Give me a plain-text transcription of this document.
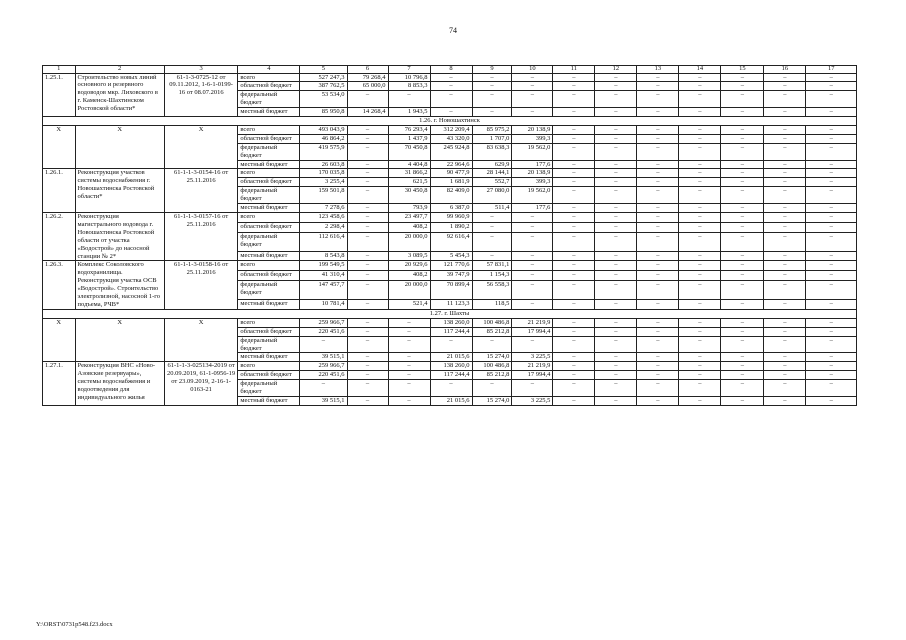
74
1	2	3	4	5	6	7	8	9	10	11	12	13	14	15	16	17
1.25.1.	Строительство новых линий основного и резервного водоводов мкр. Лиховского в г. Каменск-Шахтинском Ростовской области*	61-1-3-0725-12 от 09.11.2012, 1-6-1-0199-16 от 08.07.2016	всего	527 247,3	79 268,4	10 796,8	–	–	–	–	–	–	–	–	–	–
			областной бюджет	387 762,5	65 000,0	8 853,3	–	–	–	–	–	–	–	–	–	–
			федеральный бюджет	53 534,0	–	–	–	–	–	–	–	–	–	–	–	–
			местный бюджет	85 950,8	14 268,4	1 943,5	–	–	–	–	–	–	–	–	–	–
1.26. г. Новошахтинск																
Х	Х	Х	всего	493 043,9	–	76 293,4	312 209,4	85 975,2	20 138,9	–	–	–	–	–	–	–
			областной бюджет	46 864,2	–	1 437,9	43 320,0	1 707,0	399,3	–	–	–	–	–	–	–
			федеральный бюджет	419 575,9	–	70 450,8	245 924,8	83 638,3	19 562,0	–	–	–	–	–	–	–
			местный бюджет	26 603,8	–	4 404,8	22 964,6	629,9	177,6	–	–	–	–	–	–	–
1.26.1.	Реконструкция участков системы водоснабжения г. Новошахтинска Ростовской области*	61-1-1-3-0154-16 от 25.11.2016	всего	170 035,8	–	31 866,2	90 477,9	28 144,1	20 138,9	–	–	–	–	–	–	–
			областной бюджет	3 255,4	–	621,5	1 681,9	552,7	399,3	–	–	–	–	–	–	–
			федеральный бюджет	159 501,8	–	30 450,8	82 409,0	27 080,0	19 562,0	–	–	–	–	–	–	–
			местный бюджет	7 278,6	–	793,9	6 387,0	511,4	177,6	–	–	–	–	–	–	–
1.26.2.	Реконструкция магистрального водовода г. Новошахтинска Ростовской области от участка «Водострой» до насосной станции № 2*	61-1-1-3-0157-16 от 25.11.2016	всего	123 458,6	–	23 497,7	99 960,9	–	–	–	–	–	–	–	–	–
			областной бюджет	2 298,4	–	408,2	1 890,2	–	–	–	–	–	–	–	–	–
			федеральный бюджет	112 616,4	–	20 000,0	92 616,4	–	–	–	–	–	–	–	–	–
			местный бюджет	8 543,8	–	3 089,5	5 454,3	–	–	–	–	–	–	–	–	–
1.26.3.	Комплекс Соколовского водохранилища. Реконструкция участка ОСВ «Водострой». Строительство электролизной, насосной 1-го подъема, РЧВ*	61-1-1-3-0158-16 от 25.11.2016	всего	199 549,5	–	20 929,6	121 770,6	57 831,1	–	–	–	–	–	–	–	–
			областной бюджет	41 310,4	–	408,2	39 747,9	1 154,3	–	–	–	–	–	–	–	–
			федеральный бюджет	147 457,7	–	20 000,0	70 899,4	56 558,3	–	–	–	–	–	–	–	–
			местный бюджет	10 781,4	–	521,4	11 123,3	118,5	–	–	–	–	–	–	–	–
1.27. г. Шахты																
Х	Х	Х	всего	259 966,7	–	–	138 260,0	100 486,8	21 219,9	–	–	–	–	–	–	–
			областной бюджет	220 451,6	–	–	117 244,4	85 212,8	17 994,4	–	–	–	–	–	–	–
			федеральный бюджет	–	–	–	–	–	–	–	–	–	–	–	–	–
			местный бюджет	39 515,1	–	–	21 015,6	15 274,0	3 225,5	–	–	–	–	–	–	–
1.27.1.	Реконструкция ВНС «Ново-Азовские резервуары», системы водоснабжения и водоотведения для индивидуального жилья	61-1-1-3-025134-2019 от 20.09.2019, 61-1-0956-19 от 23.09.2019, 2-16-1-0163-21	всего	259 966,7	–	–	138 260,0	100 486,8	21 219,9	–	–	–	–	–	–	–
			областной бюджет	220 451,6	–	–	117 244,4	85 212,8	17 994,4	–	–	–	–	–	–	–
			федеральный бюджет	–	–	–	–	–	–	–	–	–	–	–	–	–
			местный бюджет	39 515,1	–	–	21 015,6	15 274,0	3 225,5	–	–	–	–	–	–	–
Y:\ORST\0731p548.f23.docx
